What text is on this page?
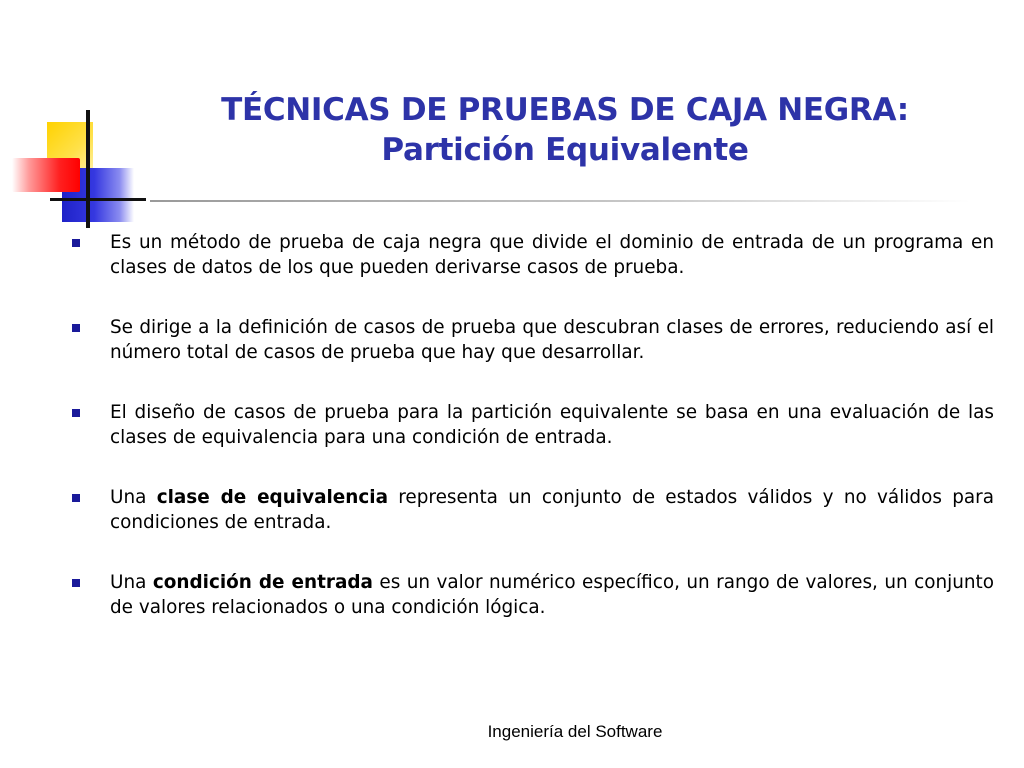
TÉCNICAS DE PRUEBAS DE CAJA NEGRA:
Partición Equivalente
Es un método de prueba de caja negra que divide el dominio de entrada de un programa en clases de datos de los que pueden derivarse casos de prueba.
Se dirige a la definición de casos de prueba que descubran clases de errores, reduciendo así el número total de casos de prueba que hay que desarrollar.
El diseño de casos de prueba para la partición equivalente se basa en una evaluación de las clases de equivalencia para una condición de entrada.
Una clase de equivalencia representa un conjunto de estados válidos y no válidos para condiciones de entrada.
Una condición de entrada es un valor numérico específico, un rango de valores, un conjunto de valores relacionados o una condición lógica.
Ingeniería del Software
